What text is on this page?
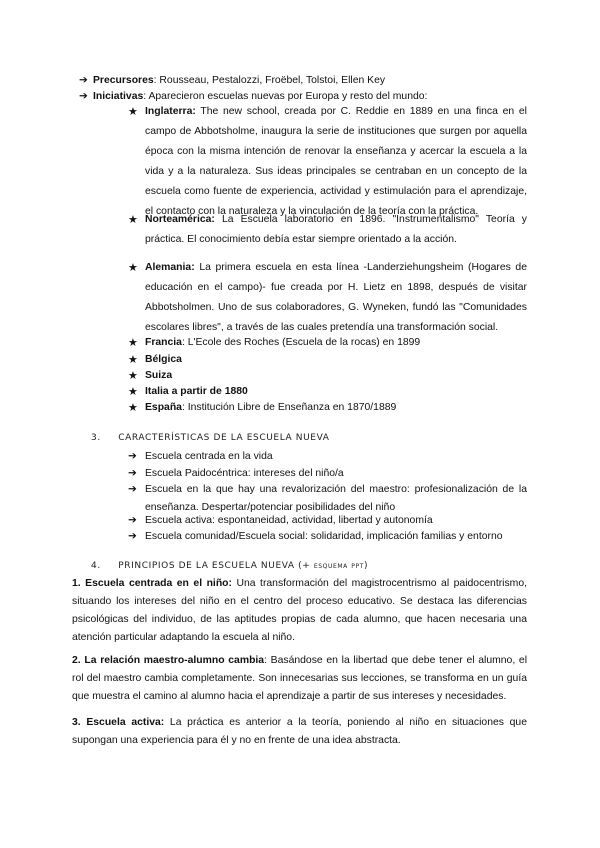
➔ Precursores: Rousseau, Pestalozzi, Froëbel, Tolstoi, Ellen Key
➔ Iniciativas: Aparecieron escuelas nuevas por Europa y resto del mundo:
★ Inglaterra: The new school, creada por C. Reddie en 1889 en una finca en el campo de Abbotsholme, inaugura la serie de instituciones que surgen por aquella época con la misma intención de renovar la enseñanza y acercar la escuela a la vida y a la naturaleza. Sus ideas principales se centraban en un concepto de la escuela como fuente de experiencia, actividad y estimulación para el aprendizaje, el contacto con la naturaleza y la vinculación de la teoría con la práctica.
★ Norteamérica: La Escuela laboratorio en 1896. "Instrumentalismo" Teoría y práctica. El conocimiento debía estar siempre orientado a la acción.
★ Alemania: La primera escuela en esta línea -Landerziehungsheim (Hogares de educación en el campo)- fue creada por H. Lietz en 1898, después de visitar Abbotsholmen. Uno de sus colaboradores, G. Wyneken, fundó las "Comunidades escolares libres", a través de las cuales pretendía una transformación social.
★ Francia: L'Ecole des Roches (Escuela de la rocas) en 1899
★ Bélgica
★ Suiza
★ Italia a partir de 1880
★ España: Institución Libre de Enseñanza en 1870/1889
3. CARACTERÍSTICAS DE LA ESCUELA NUEVA
➔ Escuela centrada en la vida
➔ Escuela Paidocéntrica: intereses del niño/a
➔ Escuela en la que hay una revalorización del maestro: profesionalización de la enseñanza. Despertar/potenciar posibilidades del niño
➔ Escuela activa: espontaneidad, actividad, libertad y autonomía
➔ Escuela comunidad/Escuela social: solidaridad, implicación familias y entorno
4. PRINCIPIOS DE LA ESCUELA NUEVA (+ esquema ppt)
1. Escuela centrada en el niño: Una transformación del magistrocentrismo al paidocentrismo, situando los intereses del niño en el centro del proceso educativo. Se destaca las diferencias psicológicas del individuo, de las aptitudes propias de cada alumno, que hacen necesaria una atención particular adaptando la escuela al niño.
2. La relación maestro-alumno cambia: Basándose en la libertad que debe tener el alumno, el rol del maestro cambia completamente. Son innecesarias sus lecciones, se transforma en un guía que muestra el camino al alumno hacia el aprendizaje a partir de sus intereses y necesidades.
3. Escuela activa: La práctica es anterior a la teoría, poniendo al niño en situaciones que supongan una experiencia para él y no en frente de una idea abstracta.
